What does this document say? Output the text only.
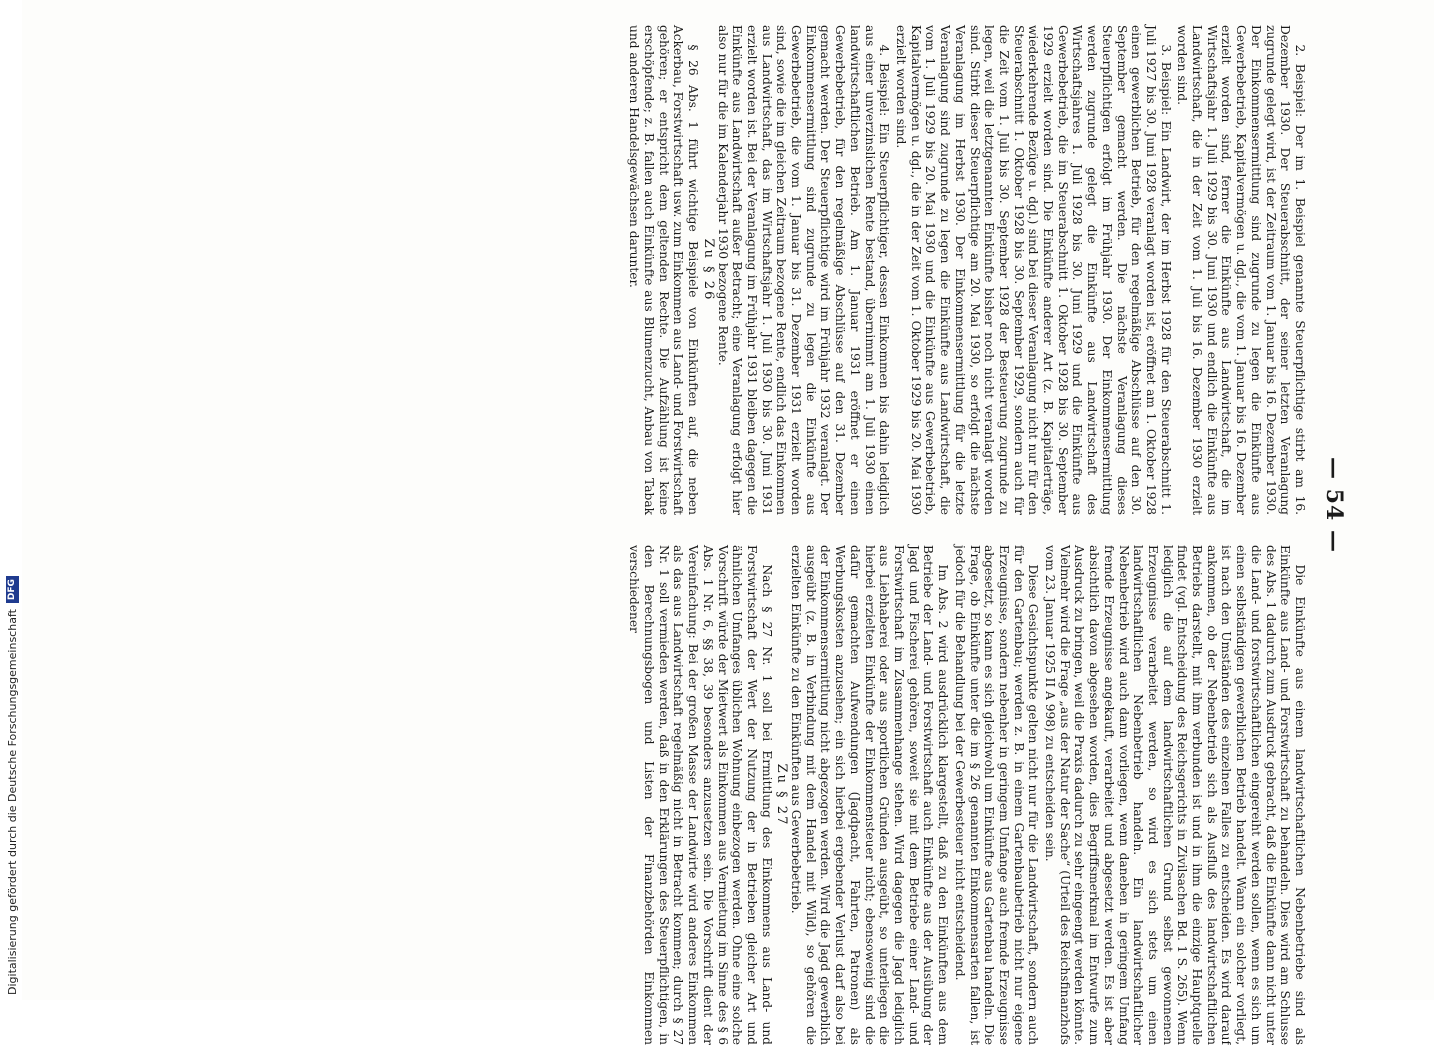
Digitalisierung gefördert durch die Deutsche Forschungsgemeinschaft
DFG
— 54 —

2. Beispiel: Der im 1. Beispiel genannte Steuerpflichtige stirbt am 16. Dezember 1930. Der Steuerabschnitt, der seiner letzten Veranlagung zugrunde gelegt wird, ist der Zeitraum vom 1. Januar bis 16. Dezember 1930. Der Einkommensermittlung sind zugrunde zu legen die Einkünfte aus Gewerbebetrieb, Kapitalvermögen u. dgl., die vom 1. Januar bis 16. Dezember erzielt worden sind, ferner die Einkünfte aus Landwirtschaft, die im Wirtschaftsjahr 1. Juli 1929 bis 30. Juni 1930 und endlich die Einkünfte aus Landwirtschaft, die in der Zeit vom 1. Juli bis 16. Dezember 1930 erzielt worden sind.

3. Beispiel: Ein Landwirt, der im Herbst 1928 für den Steuerabschnitt 1. Juli 1927 bis 30. Juni 1928 veranlagt worden ist, eröffnet am 1. Oktober 1928 einen gewerblichen Betrieb, für den regelmäßige Abschlüsse auf den 30. September gemacht werden. Die nächste Veranlagung dieses Steuerpflichtigen erfolgt im Frühjahr 1930. Der Einkommensermittlung werden zugrunde gelegt die Einkünfte aus Landwirtschaft des Wirtschaftsjahres 1. Juli 1928 bis 30. Juni 1929 und die Einkünfte aus Gewerbebetrieb, die im Steuerabschnitt 1. Oktober 1928 bis 30. September 1929 erzielt worden sind. Die Einkünfte anderer Art (z. B. Kapitalerträge, wiederkehrende Bezüge u. dgl.) sind bei dieser Veranlagung nicht nur für den Steuerabschnitt 1. Oktober 1928 bis 30. September 1929, sondern auch für die Zeit vom 1. Juli bis 30. September 1928 der Besteuerung zugrunde zu legen, weil die letztgenannten Einkünfte bisher noch nicht veranlagt worden sind. Stirbt dieser Steuerpflichtige am 20. Mai 1930, so erfolgt die nächste Veranlagung im Herbst 1930. Der Einkommensermittlung für die letzte Veranlagung sind zugrunde zu legen die Einkünfte aus Landwirtschaft, die vom 1. Juli 1929 bis 20. Mai 1930 und die Einkünfte aus Gewerbebetrieb, Kapitalvermögen u. dgl., die in der Zeit vom 1. Oktober 1929 bis 20. Mai 1930 erzielt worden sind.

4. Beispiel: Ein Steuerpflichtiger, dessen Einkommen bis dahin lediglich aus einer unverzinslichen Rente bestand, übernimmt am 1. Juli 1930 einen landwirtschaftlichen Betrieb. Am 1. Januar 1931 eröffnet er einen Gewerbebetrieb, für den regelmäßige Abschlüsse auf den 31. Dezember gemacht werden. Der Steuerpflichtige wird im Frühjahr 1932 veranlagt. Der Einkommensermittlung sind zugrunde zu legen die Einkünfte aus Gewerbebetrieb, die vom 1. Januar bis 31. Dezember 1931 erzielt worden sind, sowie die im gleichen Zeitraum bezogene Rente, endlich das Einkommen aus Landwirtschaft, das im Wirtschaftsjahr 1. Juli 1930 bis 30. Juni 1931 erzielt worden ist. Bei der Veranlagung im Frühjahr 1931 bleiben dagegen die Einkünfte aus Landwirtschaft außer Betracht; eine Veranlagung erfolgt hier also nur für die im Kalenderjahr 1930 bezogene Rente.

Zu § 26

§ 26 Abs. 1 führt wichtige Beispiele von Einkünften auf, die neben Ackerbau, Forstwirtschaft usw. zum Einkommen aus Land- und Forstwirtschaft gehören; er entspricht dem geltenden Rechte. Die Aufzählung ist keine erschöpfende; z. B. fallen auch Einkünfte aus Blumenzucht, Anbau von Tabak und anderen Handelsgewächsen darunter.

Die Einkünfte aus einem landwirtschaftlichen Nebenbetriebe sind als Einkünfte aus Land- und Forstwirtschaft zu behandeln. Dies wird am Schlusse des Abs. 1 dadurch zum Ausdruck gebracht, daß die Einkünfte dann nicht unter die Land- und forstwirtschaftlichen eingereiht werden sollen, wenn es sich um einen selbständigen gewerblichen Betrieb handelt. Wann ein solcher vorliegt, ist nach den Umständen des einzelnen Falles zu entscheiden. Es wird darauf ankommen, ob der Nebenbetrieb sich als Ausfluß des landwirtschaftlichen Betriebs darstellt, mit ihm verbunden ist und in ihm die einzige Hauptquelle findet (vgl. Entscheidung des Reichsgerichts in Zivilsachen Bd. 1 S. 265). Wenn lediglich die auf dem landwirtschaftlichen Grund selbst gewonnenen Erzeugnisse verarbeitet werden, so wird es sich stets um einen landwirtschaftlichen Nebenbetrieb handeln. Ein landwirtschaftlicher Nebenbetrieb wird auch dann vorliegen, wenn daneben in geringem Umfang fremde Erzeugnisse angekauft, verarbeitet und abgesetzt werden. Es ist aber absichtlich davon abgesehen worden, dies Begriffsmerkmal im Entwurfe zum Ausdruck zu bringen, weil die Praxis dadurch zu sehr eingeengt werden könnte. Vielmehr wird die Frage „aus der Natur der Sache“ (Urteil des Reichsfinanzhofs vom 23. Januar 1925 II A 998) zu entscheiden sein.

Diese Gesichtspunkte gelten nicht nur für die Landwirtschaft, sondern auch für den Gartenbau; werden z. B. in einem Gartenbaubetrieb nicht nur eigene Erzeugnisse, sondern nebenher in geringem Umfange auch fremde Erzeugnisse abgesetzt, so kann es sich gleichwohl um Einkünfte aus Gartenbau handeln. Die Frage, ob Einkünfte unter die im § 26 genannten Einkommensarten fallen, ist jedoch für die Behandlung bei der Gewerbesteuer nicht entscheidend.

Im Abs. 2 wird ausdrücklich klargestellt, daß zu den Einkünften aus dem Betriebe der Land- und Forstwirtschaft auch Einkünfte aus der Ausübung der Jagd und Fischerei gehören, soweit sie mit dem Betriebe einer Land- und Forstwirtschaft im Zusammenhange stehen. Wird dagegen die Jagd lediglich aus Liebhaberei oder aus sportlichen Gründen ausgeübt, so unterliegen die hierbei erzielten Einkünfte der Einkommensteuer nicht; ebensowenig sind die dafür gemachten Aufwendungen (Jagdpacht, Fahrten, Patronen) als Werbungskosten anzusehen; ein sich hierbei ergebender Verlust darf also bei der Einkommensermittlung nicht abgezogen werden. Wird die Jagd gewerblich ausgeübt (z. B. in Verbindung mit dem Handel mit Wild), so gehören die erzielten Einkünfte zu den Einkünften aus Gewerbebetrieb.

Zu § 27

Nach § 27 Nr. 1 soll bei Ermittlung des Einkommens aus Land- und Forstwirtschaft der Wert der Nutzung der in Betrieben gleicher Art und ähnlichen Umfanges üblichen Wohnung einbezogen werden. Ohne eine solche Vorschrift würde der Mietwert als Einkommen aus Vermietung im Sinne des § 6 Abs. 1 Nr. 6, §§ 38, 39 besonders anzusetzen sein. Die Vorschrift dient der Vereinfachung: Bei der großen Masse der Landwirte wird anderes Einkommen als das aus Landwirtschaft regelmäßig nicht in Betracht kommen; durch § 27 Nr. 1 soll vermieden werden, daß in den Erklärungen des Steuerpflichtigen, in den Berechnungsbogen und Listen der Finanzbehörden Einkommen verschiedener
